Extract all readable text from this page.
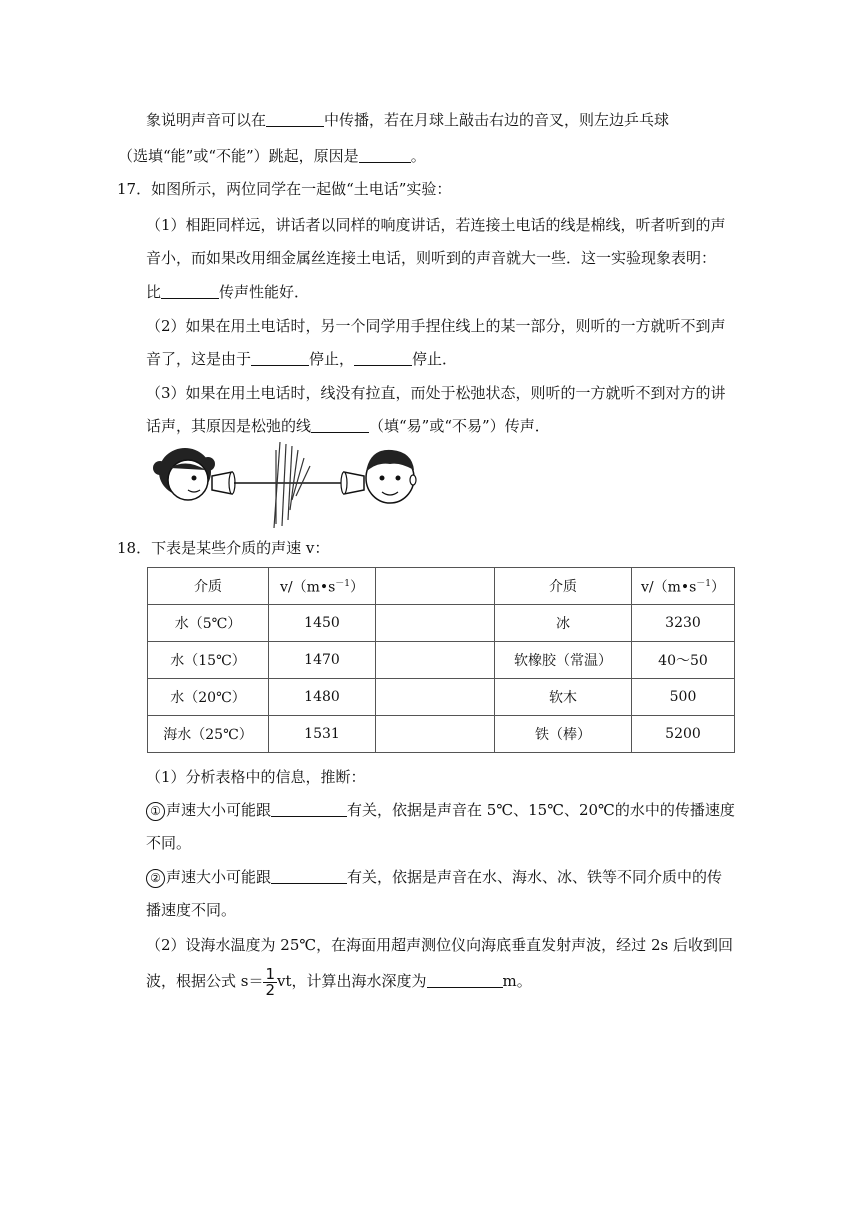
象说明声音可以在	中传播，若在月球上敲击右边的音叉，则左边乒乓球
（选填“能”或“不能”）跳起，原因是	。
17．如图所示，两位同学在一起做“土电话”实验：
（1）相距同样远，讲话者以同样的响度讲话，若连接土电话的线是棉线，听者听到的声
音小，而如果改用细金属丝连接土电话，则听到的声音就大一些．这一实验现象表明：
比	传声性能好．
（2）如果在用土电话时，另一个同学用手捏住线上的某一部分，则听的一方就听不到声
音了，这是由于	停止，	停止．
（3）如果在用土电话时，线没有拉直，而处于松弛状态，则听的一方就听不到对方的讲
话声，其原因是松弛的线	（填“易”或“不易”）传声．
18．下表是某些介质的声速 v：
介质	$v/(m•s^{-1})$		介质	$v/(m•s^{-1})$
水（5℃）	1450		冰	3230
水（15℃）	1470		软橡胶（常温）	40～50
水（20℃）	1480		软木	500
海水（25℃）	1531		铁（棒）	5200
（1）分析表格中的信息，推断：
① 声速大小可能跟	有关，依据是声音在 5℃、15℃、20℃的水中的传播速度
不同。
② 声速大小可能跟	有关，依据是声音在水、海水、冰、铁等不同介质中的传
播速度不同。
（2）设海水温度为 25℃，在海面用超声测位仪向海底垂直发射声波，经过 2s 后收到回
波，根据公式 $s= \frac{1}{2}$ vt，计算出海水深度为	m。
